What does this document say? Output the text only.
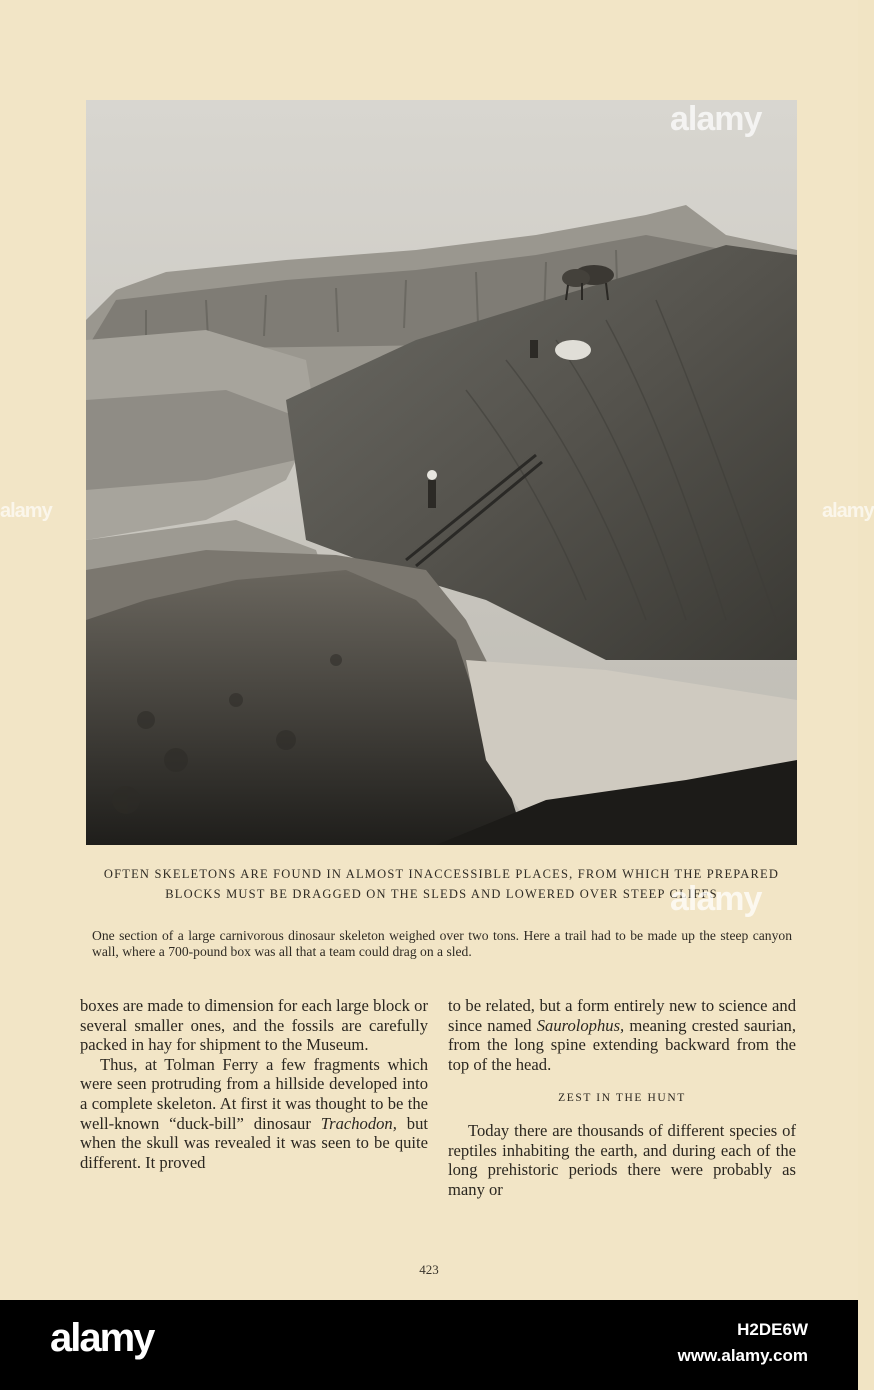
OFTEN SKELETONS ARE FOUND IN ALMOST INACCESSIBLE PLACES, FROM WHICH THE PREPARED BLOCKS MUST BE DRAGGED ON THE SLEDS AND LOWERED OVER STEEP CLIFFS
One section of a large carnivorous dinosaur skeleton weighed over two tons. Here a trail had to be made up the steep canyon wall, where a 700-pound box was all that a team could drag on a sled.

boxes are made to dimension for each large block or several smaller ones, and the fossils are carefully packed in hay for shipment to the Museum.

Thus, at Tolman Ferry a few fragments which were seen protruding from a hillside developed into a complete skeleton. At first it was thought to be the well-known “duck-bill” dinosaur Trachodon, but when the skull was revealed it was seen to be quite different. It proved

to be related, but a form entirely new to science and since named Saurolophus, meaning crested saurian, from the long spine extending backward from the top of the head.

ZEST IN THE HUNT

Today there are thousands of different species of reptiles inhabiting the earth, and during each of the long prehistoric periods there were probably as many or

423
alamy
alamy
alamy	alamy
alamy	H2DE6W
www.alamy.com
